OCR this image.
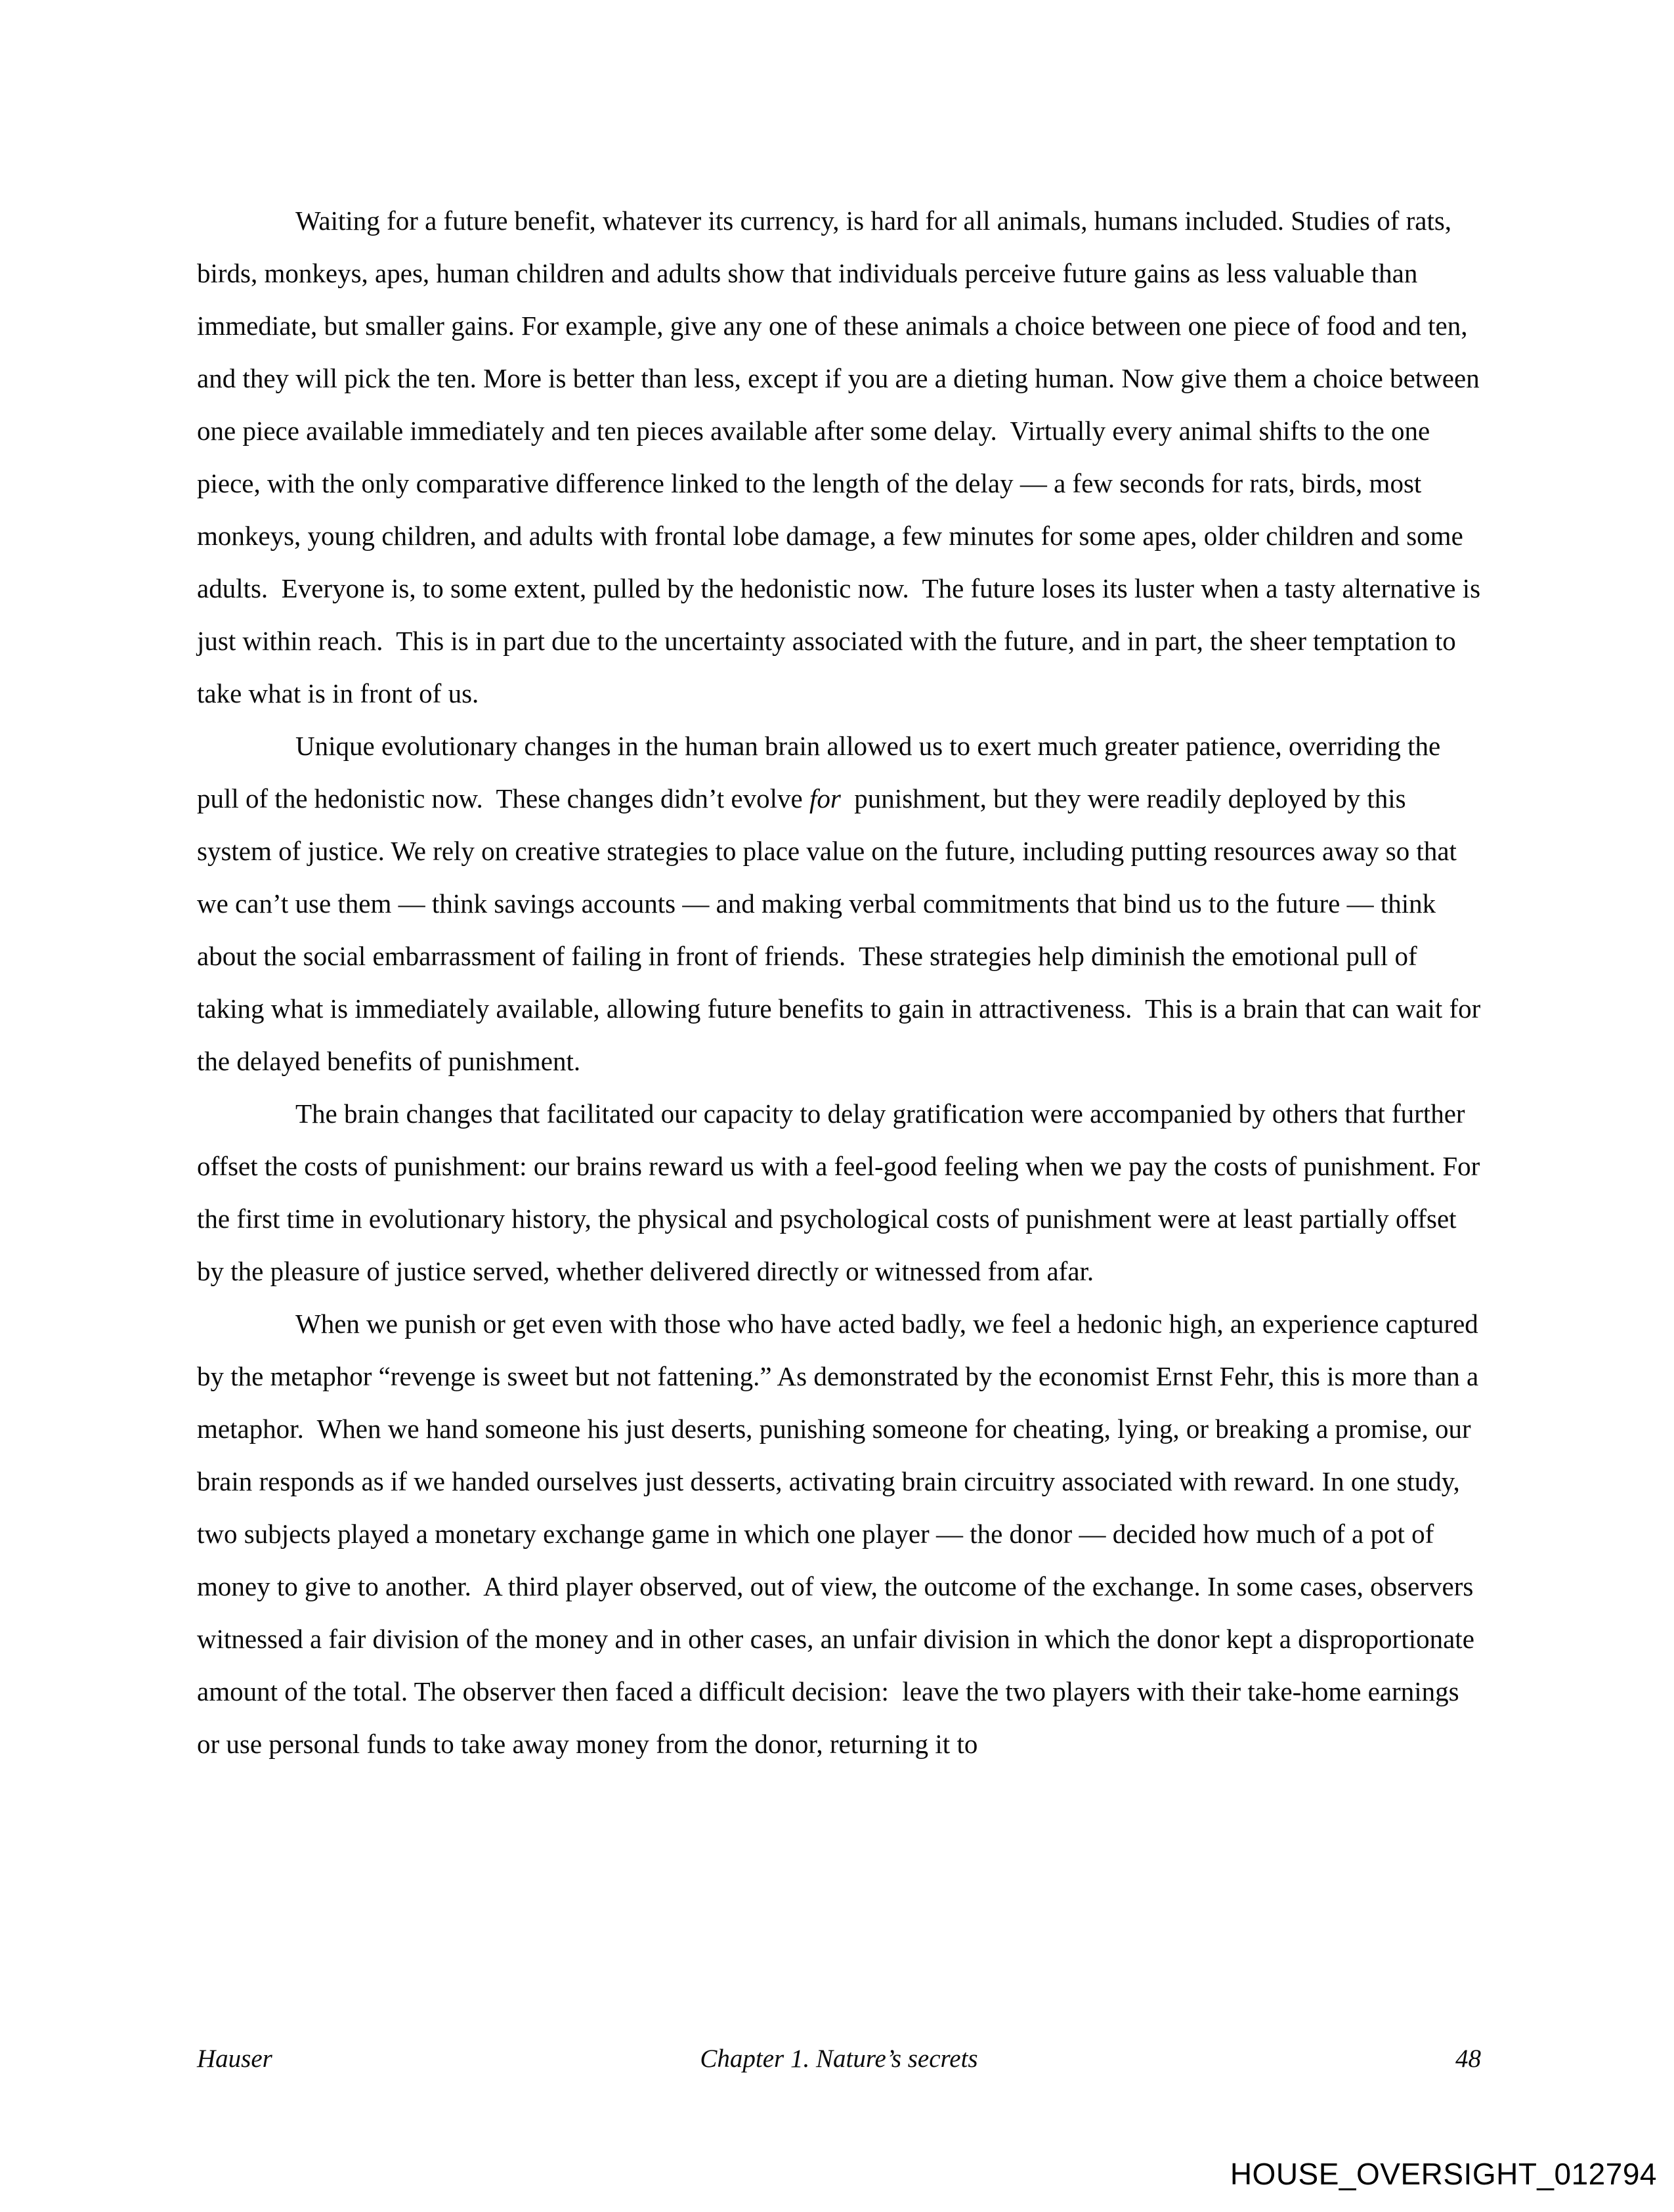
Waiting for a future benefit, whatever its currency, is hard for all animals, humans included. Studies of rats, birds, monkeys, apes, human children and adults show that individuals perceive future gains as less valuable than immediate, but smaller gains. For example, give any one of these animals a choice between one piece of food and ten, and they will pick the ten. More is better than less, except if you are a dieting human. Now give them a choice between one piece available immediately and ten pieces available after some delay.  Virtually every animal shifts to the one piece, with the only comparative difference linked to the length of the delay — a few seconds for rats, birds, most monkeys, young children, and adults with frontal lobe damage, a few minutes for some apes, older children and some adults.  Everyone is, to some extent, pulled by the hedonistic now.  The future loses its luster when a tasty alternative is just within reach.  This is in part due to the uncertainty associated with the future, and in part, the sheer temptation to take what is in front of us.

Unique evolutionary changes in the human brain allowed us to exert much greater patience, overriding the pull of the hedonistic now.  These changes didn’t evolve for  punishment, but they were readily deployed by this system of justice. We rely on creative strategies to place value on the future, including putting resources away so that we can’t use them — think savings accounts — and making verbal commitments that bind us to the future — think about the social embarrassment of failing in front of friends.  These strategies help diminish the emotional pull of taking what is immediately available, allowing future benefits to gain in attractiveness.  This is a brain that can wait for the delayed benefits of punishment.

The brain changes that facilitated our capacity to delay gratification were accompanied by others that further offset the costs of punishment: our brains reward us with a feel-good feeling when we pay the costs of punishment. For the first time in evolutionary history, the physical and psychological costs of punishment were at least partially offset by the pleasure of justice served, whether delivered directly or witnessed from afar.

When we punish or get even with those who have acted badly, we feel a hedonic high, an experience captured by the metaphor “revenge is sweet but not fattening.” As demonstrated by the economist Ernst Fehr, this is more than a metaphor.  When we hand someone his just deserts, punishing someone for cheating, lying, or breaking a promise, our brain responds as if we handed ourselves just desserts, activating brain circuitry associated with reward. In one study, two subjects played a monetary exchange game in which one player — the donor — decided how much of a pot of money to give to another.  A third player observed, out of view, the outcome of the exchange. In some cases, observers witnessed a fair division of the money and in other cases, an unfair division in which the donor kept a disproportionate amount of the total. The observer then faced a difficult decision:  leave the two players with their take-home earnings or use personal funds to take away money from the donor, returning it to

Hauser	Chapter 1. Nature’s secrets	48
HOUSE_OVERSIGHT_012794
